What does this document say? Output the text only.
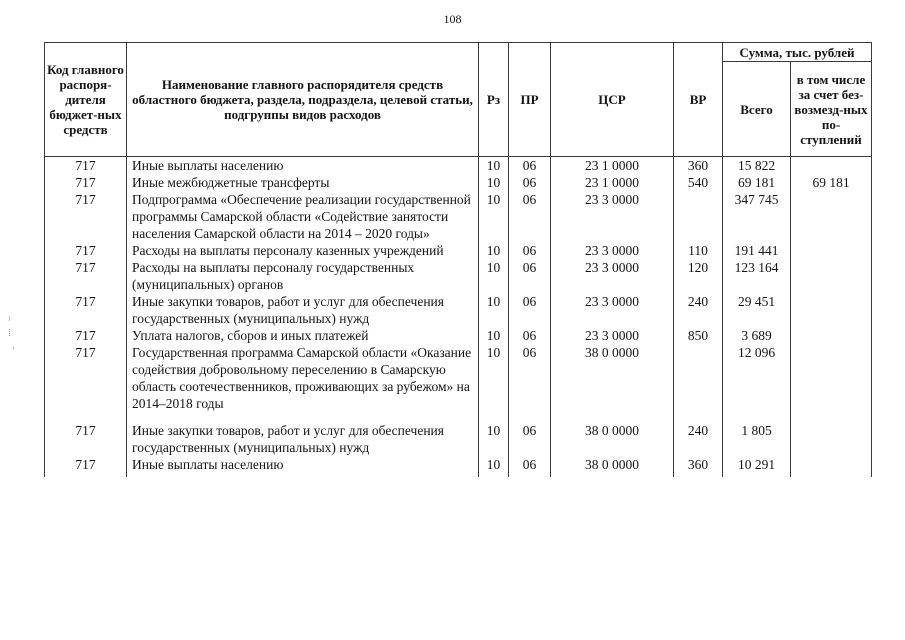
108
⁾
⁞
﹐
Код главного распоря-дителя бюджет-ных средств	Наименование главного распорядителя средств областного бюджета, раздела, подраздела, целевой статьи, подгруппы видов расходов	Рз	ПР	ЦСР	ВР	Сумма, тыс. рублей	
						Всего	в том числе за счет без-возмезд-ных по-ступлений
717	Иные выплаты населению	10	06	23 1 0000	360	15 822	
717	Иные межбюджетные трансферты	10	06	23 1 0000	540	69 181	69 181
717	Подпрограмма «Обеспечение реализации государственной программы Самарской области «Содействие занятости населения Самарской области на 2014 – 2020 годы»	10	06	23 3 0000		347 745	
717	Расходы на выплаты персоналу казенных учреждений	10	06	23 3 0000	110	191 441	
717	Расходы на выплаты персоналу государственных (муниципальных) органов	10	06	23 3 0000	120	123 164	
717	Иные закупки товаров, работ и услуг для обеспечения государственных (муниципальных) нужд	10	06	23 3 0000	240	29 451	
717	Уплата налогов, сборов и иных платежей	10	06	23 3 0000	850	3 689	
717	Государственная программа Самарской области «Оказание содействия добровольному переселению в Самарскую область соотечественников, проживающих за рубежом» на 2014–2018 годы	10	06	38 0 0000		12 096	
717	Иные закупки товаров, работ и услуг для обеспечения государственных (муниципальных) нужд	10	06	38 0 0000	240	1 805	
717	Иные выплаты населению	10	06	38 0 0000	360	10 291	
